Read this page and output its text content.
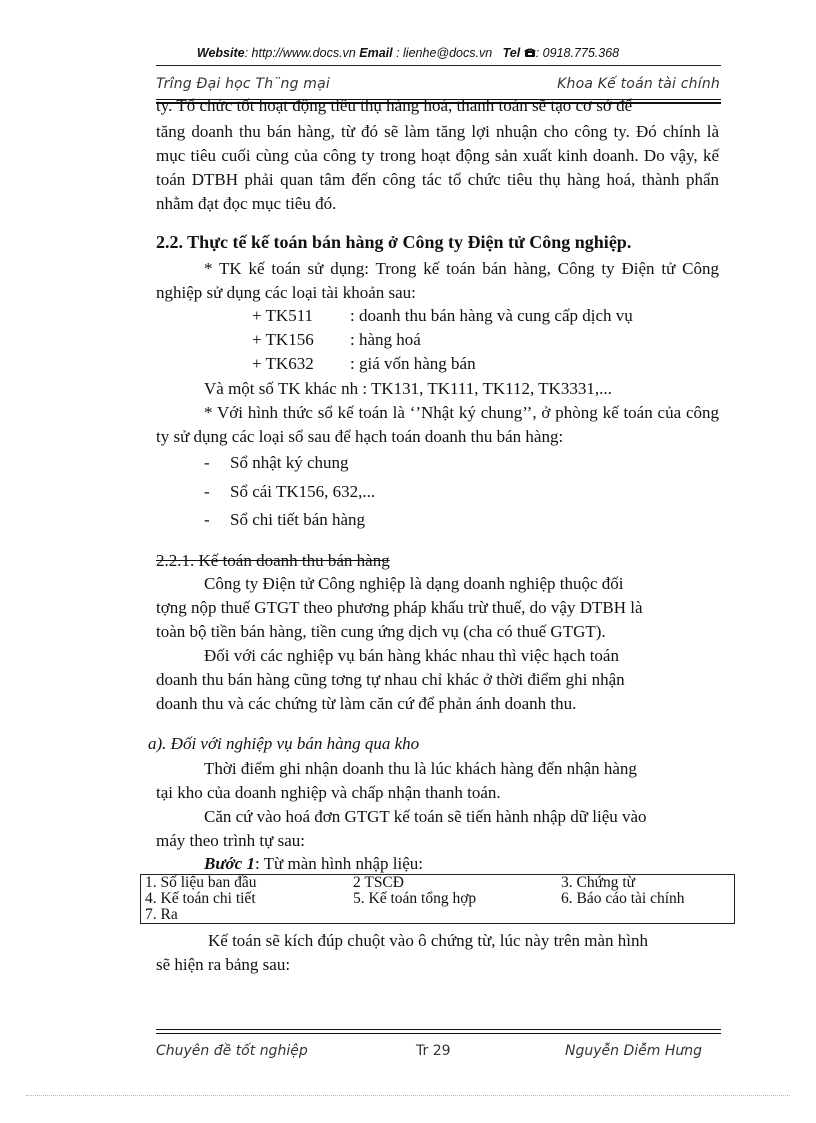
Website: http://www.docs.vn Email : lienhe@docs.vn Tel : 0918.775.368
Trîng Ðại học Th¨ng mại	Khoa Kế toán tài chính
ty. Tổ chức tốt hoạt động tiêu thụ hàng hoá, thanh toán sẽ tạo cơ sở để
tăng doanh thu bán hàng, từ đó sẽ làm tăng lợi nhuận cho công ty. Đó chính là mục tiêu cuối cùng của công ty trong hoạt động sản xuất kinh doanh. Do vậy, kế toán DTBH phải quan tâm đến công tác tổ chức tiêu thụ hàng hoá, thành phẩn nhằm đạt đọc mục tiêu đó.
2.2. Thực tế kế toán bán hàng ở Công ty Điện tử Công nghiệp.
* TK kế toán sử dụng: Trong kế toán bán hàng, Công ty Điện tử Công nghiệp sử dụng các loại tài khoản sau:
+ TK511 : doanh thu bán hàng và cung cấp dịch vụ
+ TK156 : hàng hoá
+ TK632 : giá vốn hàng bán
Và một số TK khác nh : TK131, TK111, TK112, TK3331,...
* Với hình thức sổ kế toán là ‘’Nhật ký chung’’, ở phòng kế toán của công ty sử dụng các loại sổ sau để hạch toán doanh thu bán hàng:
- Sổ nhật ký chung
- Sổ cái TK156, 632,...
- Sổ chi tiết bán hàng
2.2.1. Kế toán doanh thu bán hàng
Công ty Điện tử Công nghiệp là dạng doanh nghiệp thuộc đối
tợng nộp thuế GTGT theo phương pháp khấu trừ thuế, do vậy DTBH là
toàn bộ tiền bán hàng, tiền cung ứng dịch vụ (cha có thuế GTGT).
Đối với các nghiệp vụ bán hàng khác nhau thì việc hạch toán
doanh thu bán hàng cũng tơng tự nhau chỉ khác ở thời điểm ghi nhận
doanh thu và các chứng từ làm căn cứ để phản ánh doanh thu.
a). Đối với nghiệp vụ bán hàng qua kho
Thời điểm ghi nhận doanh thu là lúc khách hàng đến nhận hàng
tại kho của doanh nghiệp và chấp nhận thanh toán.
Căn cứ vào hoá đơn GTGT kế toán sẽ tiến hành nhập dữ liệu vào
máy theo trình tự sau:
Bước 1: Từ màn hình nhập liệu:
1. Số liệu ban đầu	2 TSCĐ	3. Chứng từ
4. Kế toán chi tiết	5. Kế toán tổng hợp	6. Báo cáo tài chính
7. Ra		
Kế toán sẽ kích đúp chuột vào ô chứng từ, lúc này trên màn hình
sẽ hiện ra bảng sau:
Chuyên đề tốt nghiệp	Tr 29	Nguyễn Diễm Hưng
